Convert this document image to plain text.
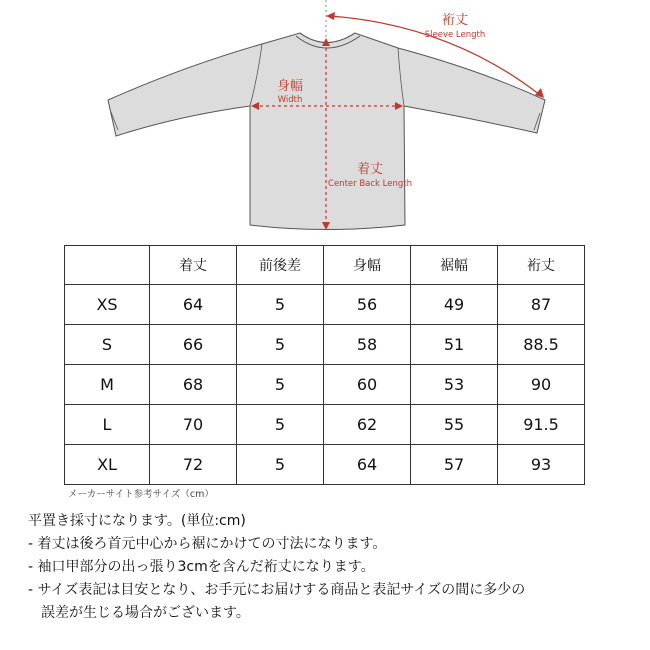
裄丈
Sleeve Length
身幅
Width
着丈
Center Back Length
	着丈	前後差	身幅	裾幅	裄丈
XS	64	5	56	49	87
S	66	5	58	51	88.5
M	68	5	60	53	90
L	70	5	62	55	91.5
XL	72	5	64	57	93
メーカーサイト参考サイズ（cm）
平置き採寸になります。(単位:cm)
- 着丈は後ろ首元中心から裾にかけての寸法になります。
- 袖口甲部分の出っ張り3cmを含んだ裄丈になります。
- サイズ表記は目安となり、お手元にお届けする商品と表記サイズの間に多少の
誤差が生じる場合がございます。
